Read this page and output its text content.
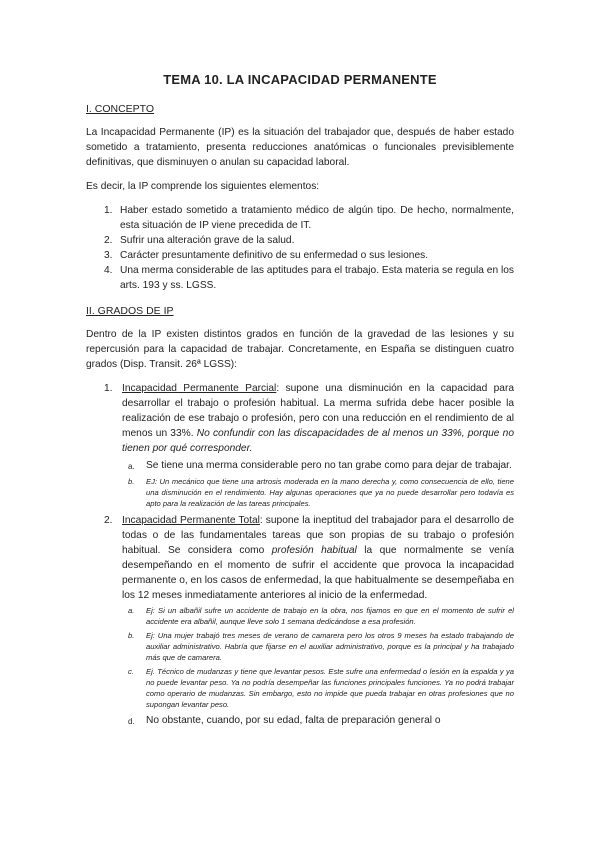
TEMA 10. LA INCAPACIDAD PERMANENTE
I. CONCEPTO

La Incapacidad Permanente (IP) es la situación del trabajador que, después de haber estado sometido a tratamiento, presenta reducciones anatómicas o funcionales previsiblemente definitivas, que disminuyen o anulan su capacidad laboral.

Es decir, la IP comprende los siguientes elementos:

1. Haber estado sometido a tratamiento médico de algún tipo. De hecho, normalmente, esta situación de IP viene precedida de IT.
2. Sufrir una alteración grave de la salud.
3. Carácter presuntamente definitivo de su enfermedad o sus lesiones.
4. Una merma considerable de las aptitudes para el trabajo. Esta materia se regula en los arts. 193 y ss. LGSS.
II. GRADOS DE IP

Dentro de la IP existen distintos grados en función de la gravedad de las lesiones y su repercusión para la capacidad de trabajar. Concretamente, en España se distinguen cuatro grados (Disp. Transit. 26ª LGSS):

1. Incapacidad Permanente Parcial: supone una disminución en la capacidad para desarrollar el trabajo o profesión habitual. La merma sufrida debe hacer posible la realización de ese trabajo o profesión, pero con una reducción en el rendimiento de al menos un 33%. No confundir con las discapacidades de al menos un 33%, porque no tienen por qué corresponder.
a. Se tiene una merma considerable pero no tan grabe como para dejar de trabajar.
b. EJ: Un mecánico que tiene una artrosis moderada en la mano derecha y, como consecuencia de ello, tiene una disminución en el rendimiento. Hay algunas operaciones que ya no puede desarrollar pero todavía es apto para la realización de las tareas principales.
2. Incapacidad Permanente Total: supone la ineptitud del trabajador para el desarrollo de todas o de las fundamentales tareas que son propias de su trabajo o profesión habitual. Se considera como profesión habitual la que normalmente se venía desempeñando en el momento de sufrir el accidente que provoca la incapacidad permanente o, en los casos de enfermedad, la que habitualmente se desempeñaba en los 12 meses inmediatamente anteriores al inicio de la enfermedad.
a. Ej: Si un albañil sufre un accidente de trabajo en la obra, nos fijamos en que en el momento de sufrir el accidente era albañil, aunque lleve solo 1 semana dedicándose a esa profesión.
b. Ej: Una mujer trabajó tres meses de verano de camarera pero los otros 9 meses ha estado trabajando de auxiliar administrativo. Habría que fijarse en el auxiliar administrativo, porque es la principal y ha trabajado más que de camarera.
c. Ej. Técnico de mudanzas y tiene que levantar pesos. Este sufre una enfermedad o lesión en la espalda y ya no puede levantar peso. Ya no podría desempeñar las funciones principales funciones. Ya no podrá trabajar como operario de mudanzas. Sin embargo, esto no impide que pueda trabajar en otras profesiones que no supongan levantar peso.
d. No obstante, cuando, por su edad, falta de preparación general o
